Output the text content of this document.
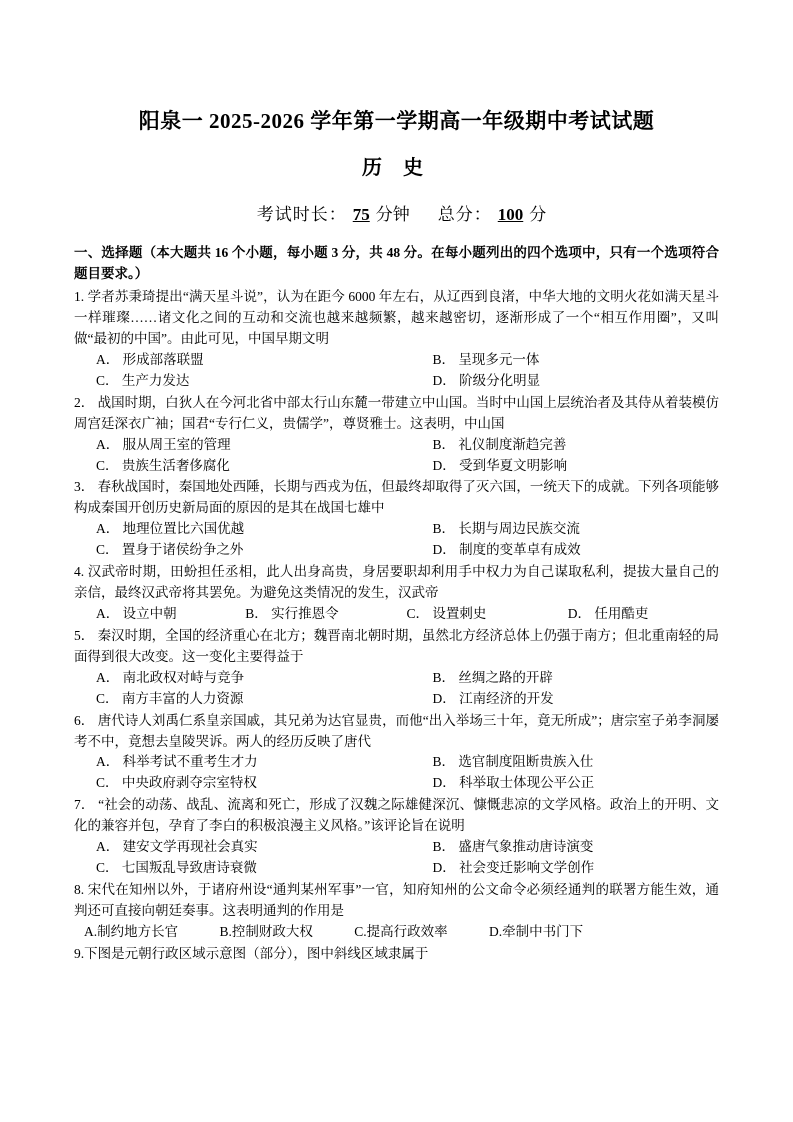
阳泉一 2025-2026 学年第一学期高一年级期中考试试题
历 史
考试时长： 75 分钟 总分： 100 分
一、选择题（本大题共 16 个小题，每小题 3 分，共 48 分。在每小题列出的四个选项中，只有一个选项符合题目要求。）

1. 学者苏秉琦提出“满天星斗说”，认为在距今 6000 年左右，从辽西到良渚，中华大地的文明火花如满天星斗一样璀璨……诸文化之间的互动和交流也越来越频繁，越来越密切，逐渐形成了一个“相互作用圈”，又叫做“最初的中国”。由此可见，中国早期文明

A． 形成部落联盟	B． 呈现多元一体
C． 生产力发达	D． 阶级分化明显

2． 战国时期，白狄人在今河北省中部太行山东麓一带建立中山国。当时中山国上层统治者及其侍从着装模仿周宫廷深衣广袖；国君“专行仁义，贵儒学”，尊贤雅士。这表明，中山国

A． 服从周王室的管理	B． 礼仪制度渐趋完善
C． 贵族生活奢侈腐化	D． 受到华夏文明影响

3． 春秋战国时，秦国地处西陲，长期与西戎为伍，但最终却取得了灭六国，一统天下的成就。下列各项能够构成秦国开创历史新局面的原因的是其在战国七雄中

A． 地理位置比六国优越	B． 长期与周边民族交流
C． 置身于诸侯纷争之外	D． 制度的变革卓有成效

4. 汉武帝时期，田蚡担任丞相，此人出身高贵，身居要职却利用手中权力为自己谋取私利，提拔大量自己的亲信，最终汉武帝将其罢免。为避免这类情况的发生，汉武帝

A． 设立中朝	B． 实行推恩令	C． 设置刺史	D． 任用酷吏

5． 秦汉时期，全国的经济重心在北方；魏晋南北朝时期，虽然北方经济总体上仍强于南方；但北重南轻的局面得到很大改变。这一变化主要得益于

A． 南北政权对峙与竞争	B． 丝绸之路的开辟
C． 南方丰富的人力资源	D． 江南经济的开发

6． 唐代诗人刘禹仁系皇亲国戚，其兄弟为达官显贵，而他“出入举场三十年，竟无所成”；唐宗室子弟李洞屡考不中，竟想去皇陵哭诉。两人的经历反映了唐代

A． 科举考试不重考生才力	B． 选官制度阻断贵族入仕
C． 中央政府剥夺宗室特权	D． 科举取士体现公平公正

7． “社会的动荡、战乱、流离和死亡，形成了汉魏之际雄健深沉、慷慨悲凉的文学风格。政治上的开明、文化的兼容并包，孕育了李白的积极浪漫主义风格。”该评论旨在说明

A． 建安文学再现社会真实	B． 盛唐气象推动唐诗演变
C． 七国叛乱导致唐诗衰微	D． 社会变迁影响文学创作

8. 宋代在知州以外，于诸府州设“通判某州军事”一官，知府知州的公文命令必须经通判的联署方能生效，通判还可直接向朝廷奏事。这表明通判的作用是

A.制约地方长官	B.控制财政大权	C.提高行政效率	D.牵制中书门下

9.下图是元朝行政区域示意图（部分），图中斜线区域隶属于
